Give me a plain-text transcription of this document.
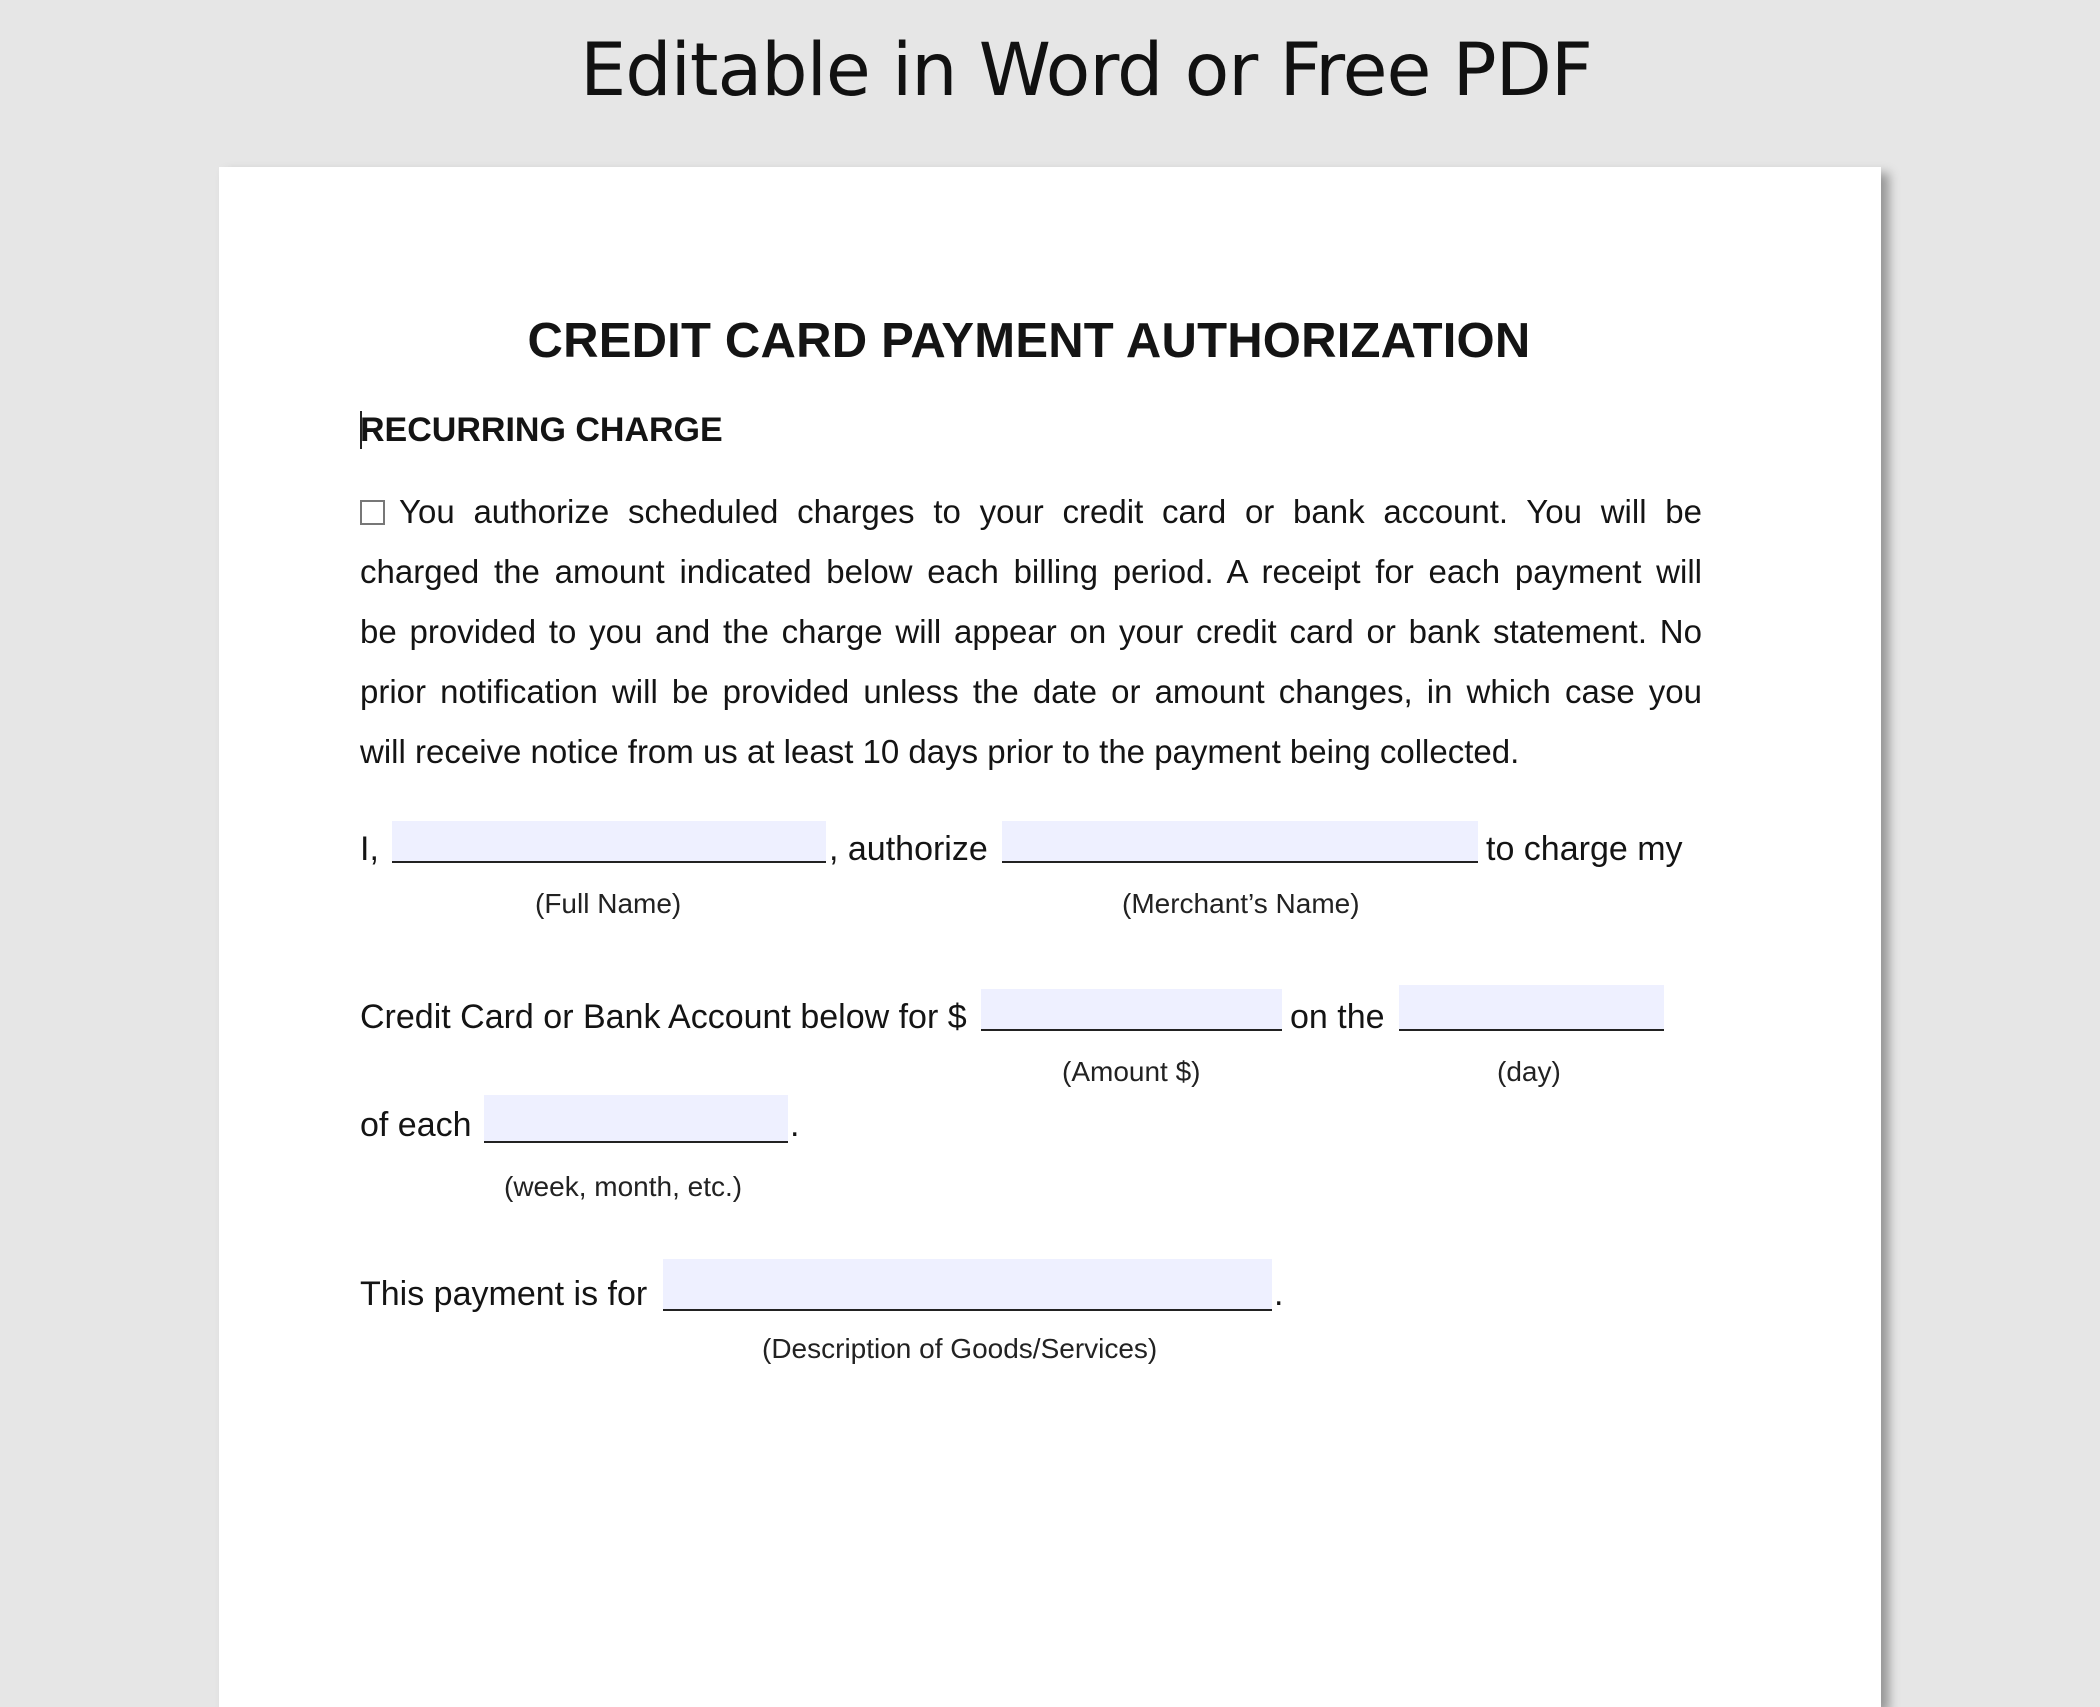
Editable in Word or Free PDF
CREDIT CARD PAYMENT AUTHORIZATION
RECURRING CHARGE
You authorize scheduled charges to your credit card or bank account. You will be
charged the amount indicated below each billing period. A receipt for each payment will
be provided to you and the charge will appear on your credit card or bank statement. No
prior notification will be provided unless the date or amount changes, in which case you
will receive notice from us at least 10 days prior to the payment being collected.
I,	, authorize	to charge my
(Full Name)	(Merchant’s Name)
Credit Card or Bank Account below for $	on the
(Amount $)	(day)
of each	.
(week, month, etc.)
This payment is for	.
(Description of Goods/Services)
